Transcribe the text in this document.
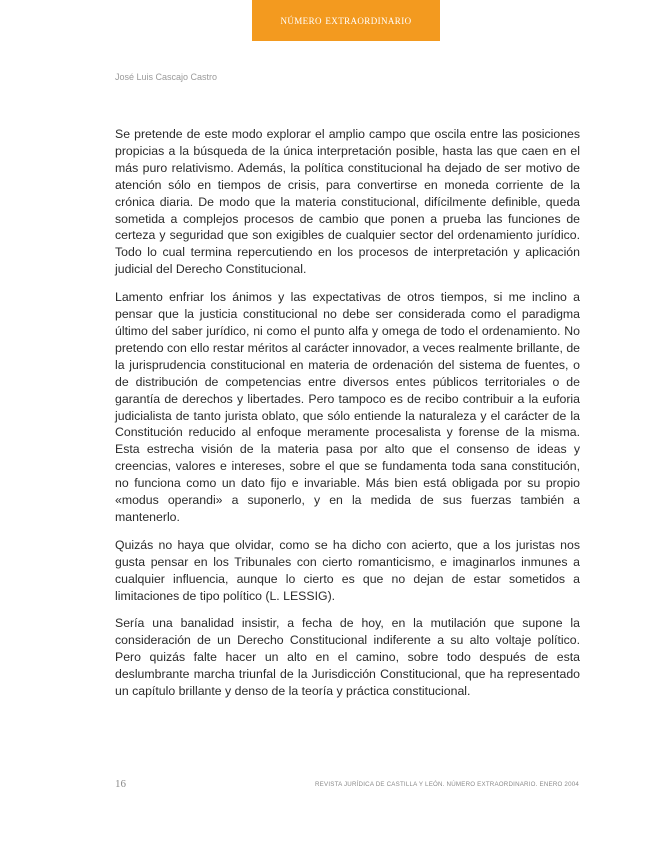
número extraordinario
José Luis Cascajo Castro

Se pretende de este modo explorar el amplio campo que oscila entre las posiciones propicias a la búsqueda de la única interpretación posible, hasta las que caen en el más puro relativismo. Además, la política constitucional ha dejado de ser motivo de atención sólo en tiempos de crisis, para convertirse en moneda corriente de la crónica diaria. De modo que la materia constitucional, difícilmente definible, queda sometida a complejos procesos de cambio que ponen a prueba las funciones de certeza y seguridad que son exigibles de cualquier sector del ordenamiento jurídico. Todo lo cual termina repercutiendo en los procesos de interpretación y aplicación judicial del Derecho Constitucional.

Lamento enfriar los ánimos y las expectativas de otros tiempos, si me inclino a pensar que la justicia constitucional no debe ser considerada como el paradigma último del saber jurídico, ni como el punto alfa y omega de todo el ordenamiento. No pretendo con ello restar méritos al carácter innovador, a veces realmente brillante, de la jurisprudencia constitucional en materia de ordenación del sistema de fuentes, o de distribución de competencias entre diversos entes públicos territoriales o de garantía de derechos y libertades. Pero tampoco es de recibo contribuir a la euforia judicialista de tanto jurista oblato, que sólo entiende la naturaleza y el carácter de la Constitución reducido al enfoque meramente procesalista y forense de la misma. Esta estrecha visión de la materia pasa por alto que el consenso de ideas y creencias, valores e intereses, sobre el que se fundamenta toda sana constitución, no funciona como un dato fijo e invariable. Más bien está obligada por su propio «modus operandi» a suponerlo, y en la medida de sus fuerzas también a mantenerlo.

Quizás no haya que olvidar, como se ha dicho con acierto, que a los juristas nos gusta pensar en los Tribunales con cierto romanticismo, e imaginarlos inmunes a cualquier influencia, aunque lo cierto es que no dejan de estar sometidos a limitaciones de tipo político (L. LESSIG).

Sería una banalidad insistir, a fecha de hoy, en la mutilación que supone la consideración de un Derecho Constitucional indiferente a su alto voltaje político. Pero quizás falte hacer un alto en el camino, sobre todo después de esta deslumbrante marcha triunfal de la Jurisdicción Constitucional, que ha representado un capítulo brillante y denso de la teoría y práctica constitucional.

16	REVISTA JURÍDICA DE CASTILLA Y LEÓN. NÚMERO EXTRAORDINARIO. ENERO 2004
